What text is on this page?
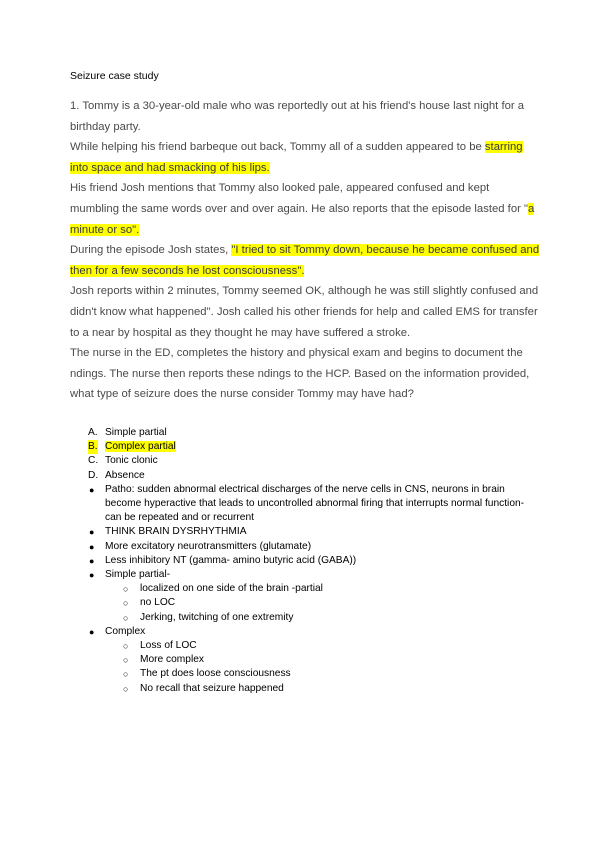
Seizure case study

1. Tommy is a 30-year-old male who was reportedly out at his friend's house last night for a birthday party.

While helping his friend barbeque out back, Tommy all of a sudden appeared to be starring into space and had smacking of his lips.

His friend Josh mentions that Tommy also looked pale, appeared confused and kept mumbling the same words over and over again. He also reports that the episode lasted for "a minute or so".

During the episode Josh states, "I tried to sit Tommy down, because he became confused and then for a few seconds he lost consciousness".

Josh reports within 2 minutes, Tommy seemed OK, although he was still slightly confused and didn't know what happened". Josh called his other friends for help and called EMS for transfer to a near by hospital as they thought he may have suffered a stroke.

The nurse in the ED, completes the history and physical exam and begins to document the ndings. The nurse then reports these ndings to the HCP. Based on the information provided, what type of seizure does the nurse consider Tommy may have had?

A. Simple partial
B. Complex partial
C. Tonic clonic
D. Absence
● Patho: sudden abnormal electrical discharges of the nerve cells in CNS, neurons in brain become hyperactive that leads to uncontrolled abnormal firing that interrupts normal function- can be repeated and or recurrent
● THINK BRAIN DYSRHYTHMIA
● More excitatory neurotransmitters (glutamate)
● Less inhibitory NT (gamma- amino butyric acid (GABA))
● Simple partial-
○ localized on one side of the brain -partial
○ no LOC
○ Jerking, twitching of one extremity
● Complex
○ Loss of LOC
○ More complex
○ The pt does loose consciousness
○ No recall that seizure happened
